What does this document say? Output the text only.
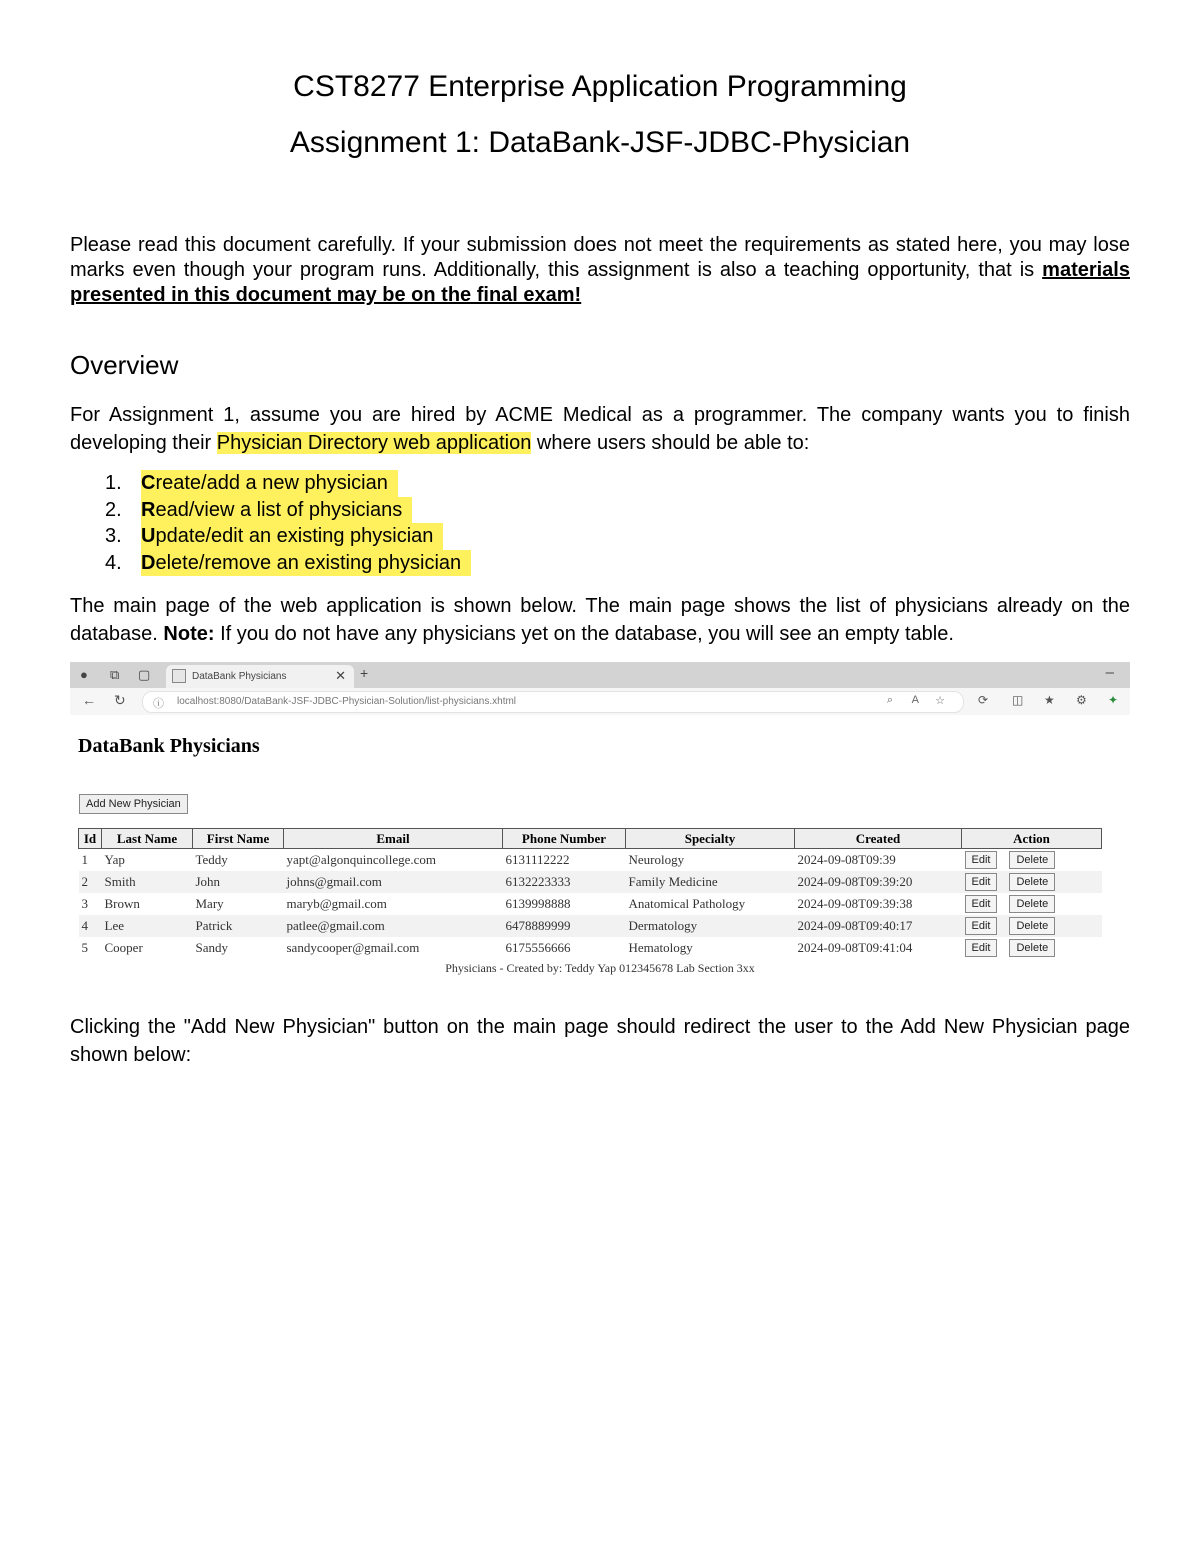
CST8277 Enterprise Application Programming
Assignment 1: DataBank-JSF-JDBC-Physician
Please read this document carefully. If your submission does not meet the requirements as stated here, you may lose marks even though your program runs. Additionally, this assignment is also a teaching opportunity, that is materials presented in this document may be on the final exam!
Overview
For Assignment 1, assume you are hired by ACME Medical as a programmer. The company wants you to finish developing their Physician Directory web application where users should be able to:
1. Create/add a new physician
2. Read/view a list of physicians
3. Update/edit an existing physician
4. Delete/remove an existing physician
The main page of the web application is shown below. The main page shows the list of physicians already on the database. Note: If you do not have any physicians yet on the database, you will see an empty table.
● ⧉ ▢	DataBank Physicians	✕ +	–
← ↻ ⓘ localhost:8080/DataBank-JSF-JDBC-Physician-Solution/list-physicians.xhtml	⌕ A ☆	⟳ ◫ ★ ⚙ ✦
DataBank Physicians
Add New Physician
Id	Last Name	First Name	Email	Phone Number	Specialty	Created	Action
1	Yap	Teddy	yapt@algonquincollege.com	6131112222	Neurology	2024-09-08T09:39	Edit Delete
2	Smith	John	johns@gmail.com	6132223333	Family Medicine	2024-09-08T09:39:20	Edit Delete
3	Brown	Mary	maryb@gmail.com	6139998888	Anatomical Pathology	2024-09-08T09:39:38	Edit Delete
4	Lee	Patrick	patlee@gmail.com	6478889999	Dermatology	2024-09-08T09:40:17	Edit Delete
5	Cooper	Sandy	sandycooper@gmail.com	6175556666	Hematology	2024-09-08T09:41:04	Edit Delete
Physicians - Created by: Teddy Yap 012345678 Lab Section 3xx
Clicking the "Add New Physician" button on the main page should redirect the user to the Add New Physician page shown below:
